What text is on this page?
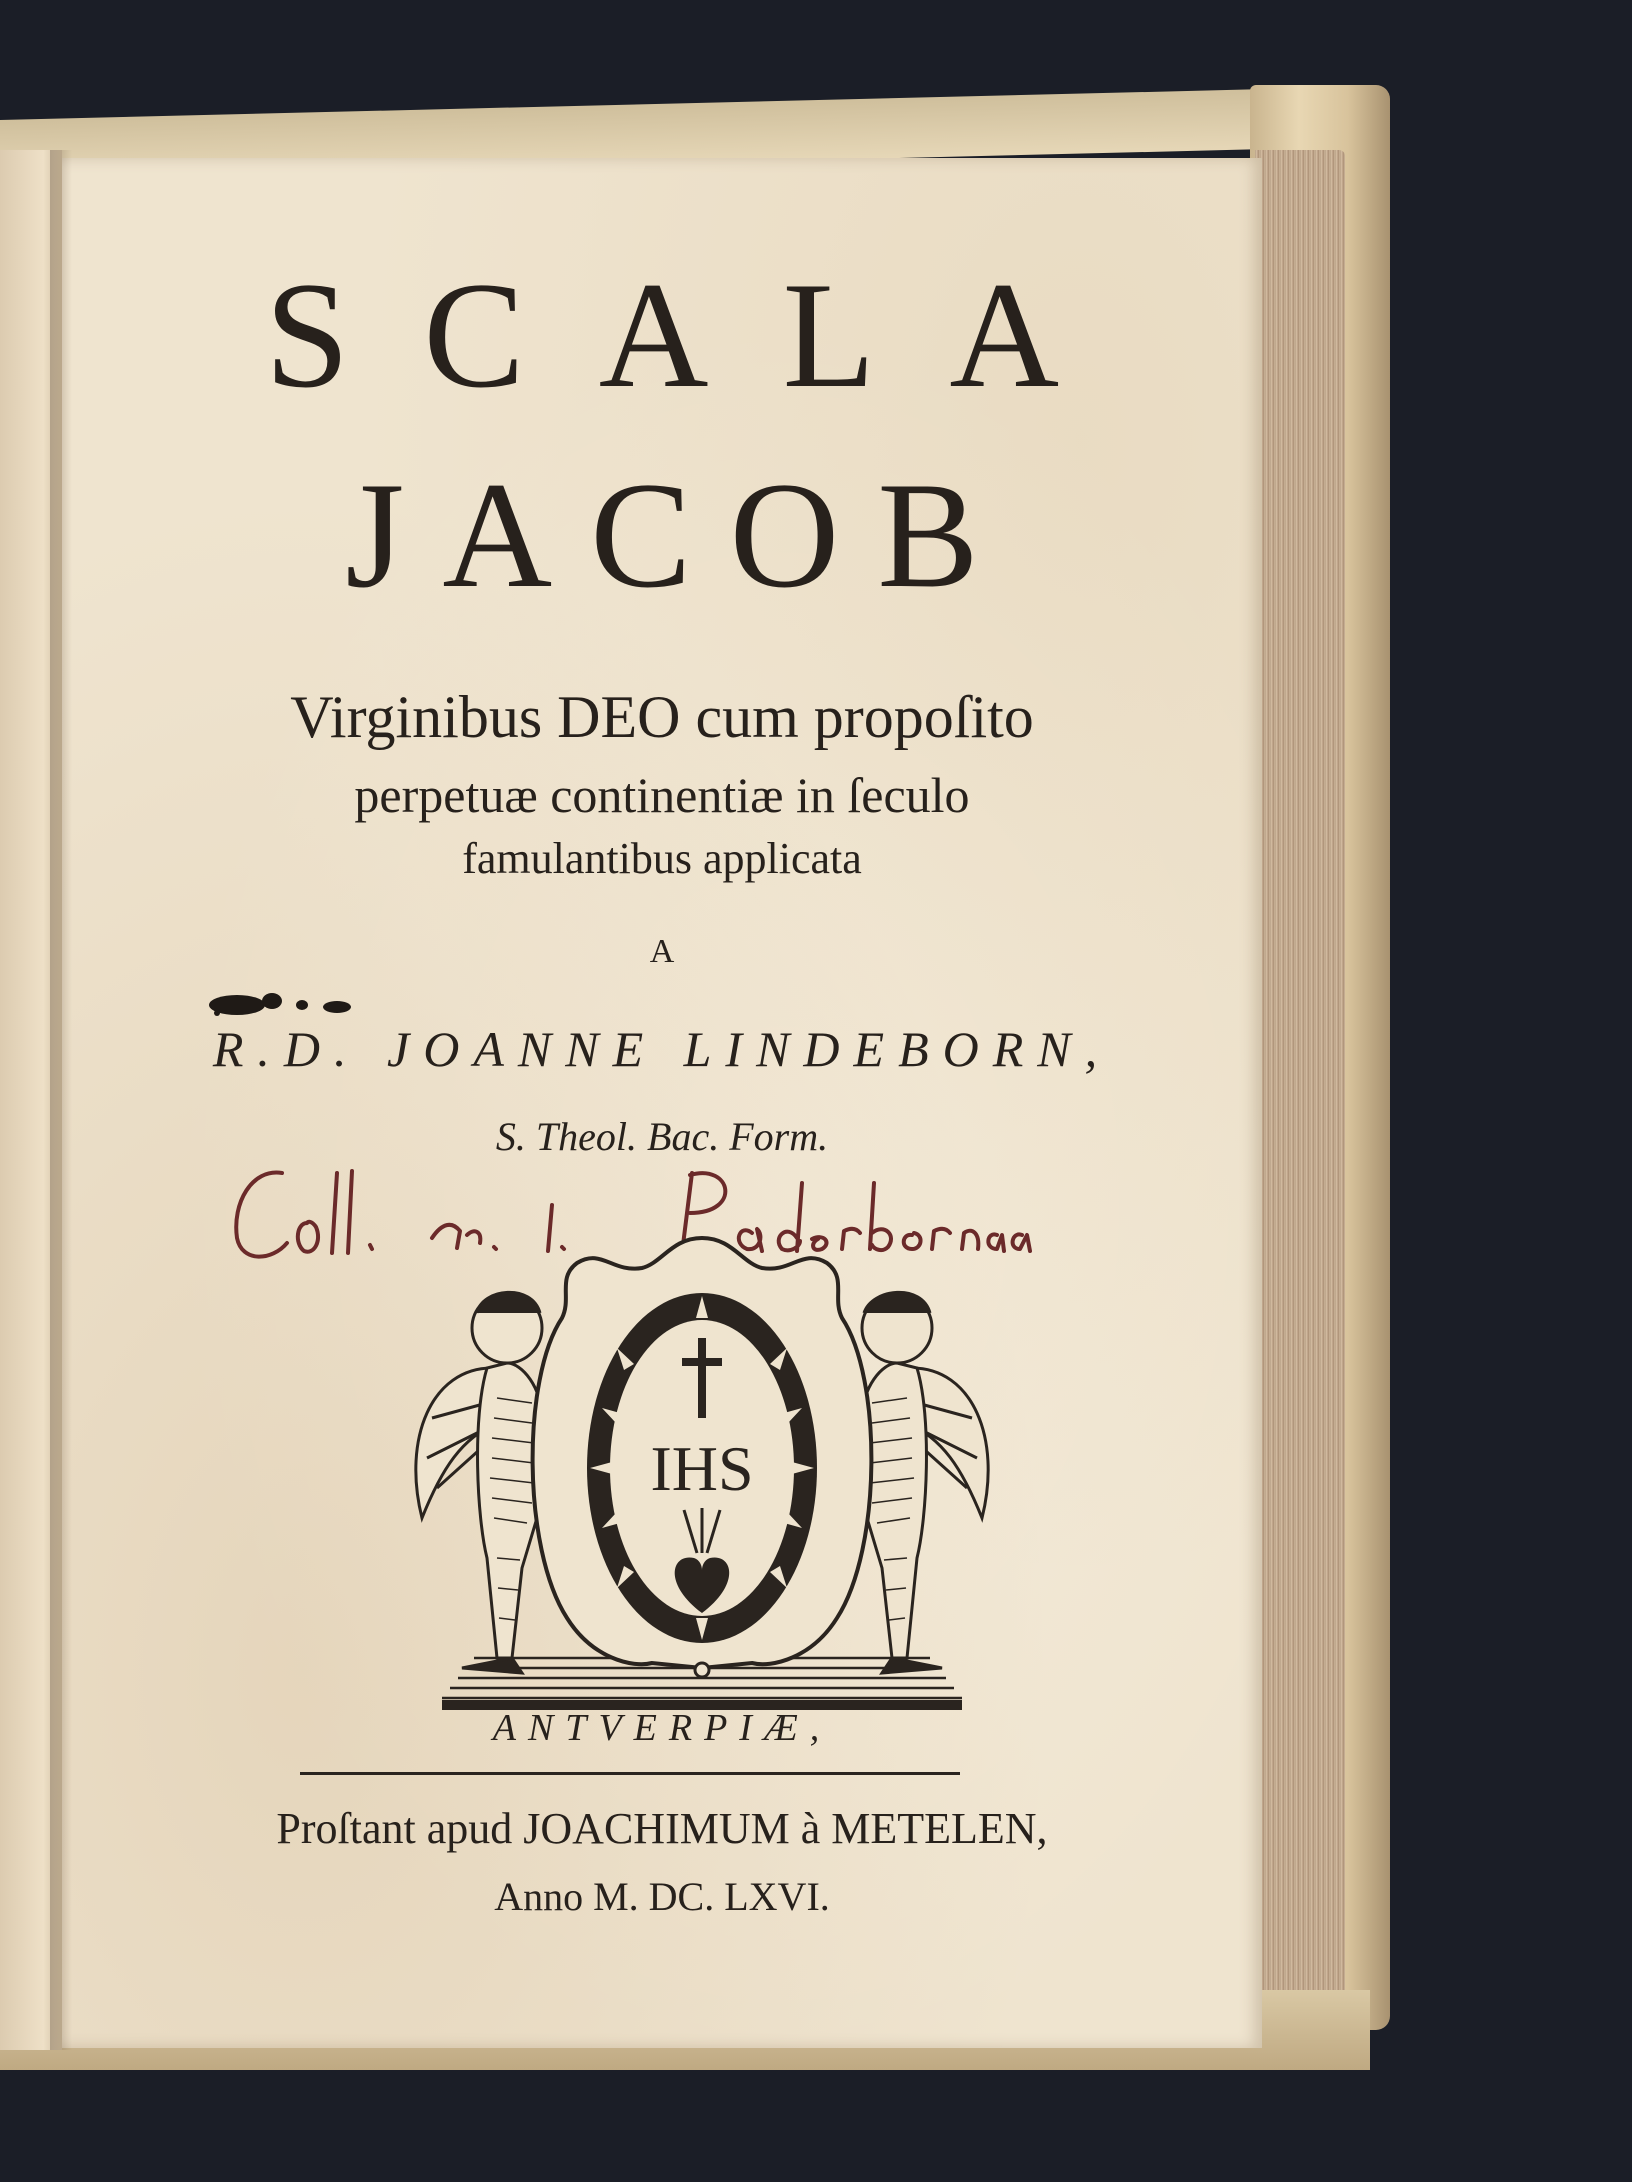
SCALA
JACOB
Virginibus DEO cum propoſito
perpetuæ continentiæ in ſeculo
famulantibus applicata
A
R.D. JOANNE LINDEBORN,
S. Theol. Bac. Form.
IHS
ANTVERPIÆ,
Proſtant apud JOACHIMUM à METELEN,
Anno M. DC. LXVI.
